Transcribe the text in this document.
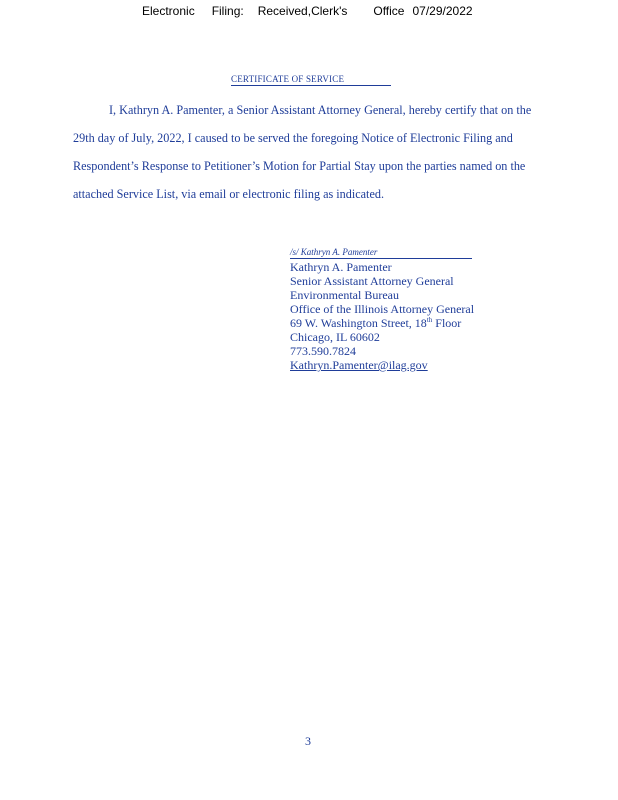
Electronic Filing: Received,Clerk's Office 07/29/2022
CERTIFICATE OF SERVICE

I, Kathryn A. Pamenter, a Senior Assistant Attorney General, hereby certify that on the 29th day of July, 2022, I caused to be served the foregoing Notice of Electronic Filing and Respondent’s Response to Petitioner’s Motion for Partial Stay upon the parties named on the attached Service List, via email or electronic filing as indicated.

/s/ Kathryn A. Pamenter
Kathryn A. Pamenter
Senior Assistant Attorney General
Environmental Bureau
Office of the Illinois Attorney General
69 W. Washington Street, 18th Floor
Chicago, IL 60602
773.590.7824
Kathryn.Pamenter@ilag.gov
3
